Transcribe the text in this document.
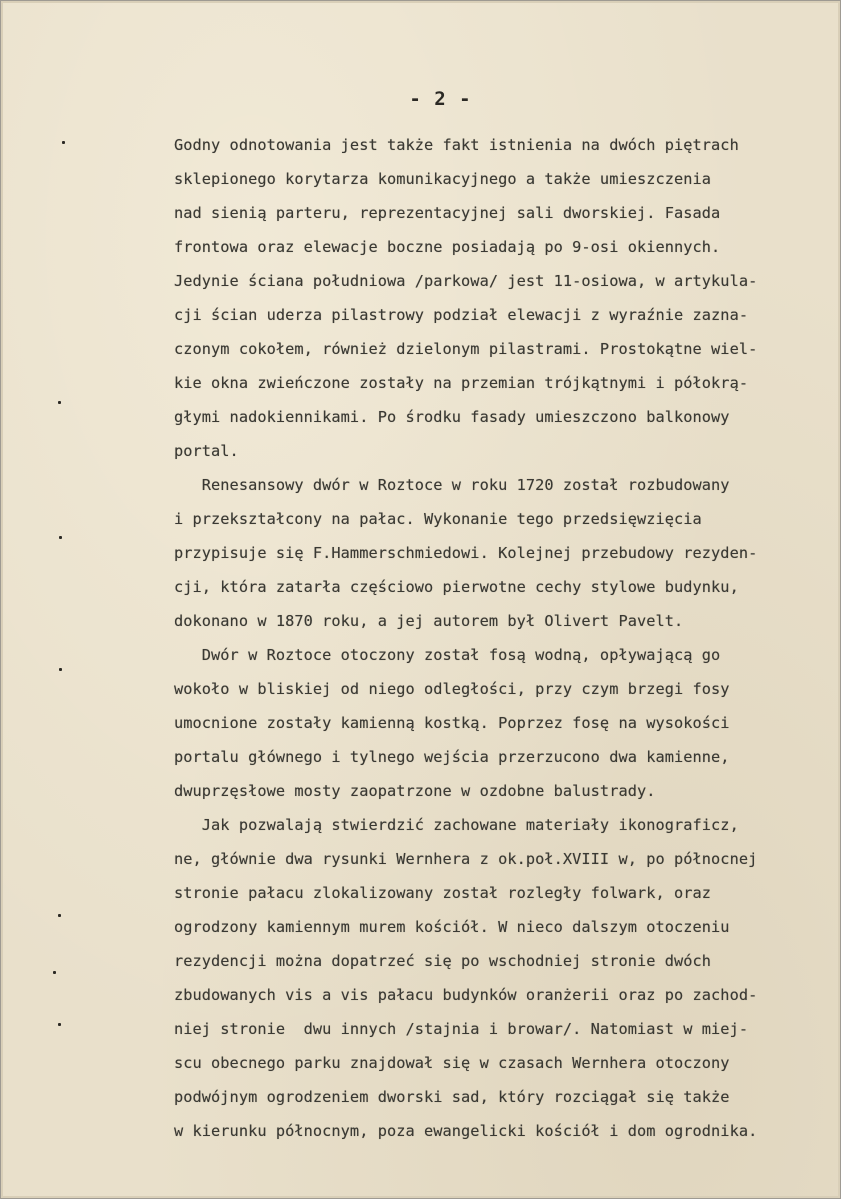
- 2 -
Godny odnotowania jest także fakt istnienia na dwóch piętrach
sklepionego korytarza komunikacyjnego a także umieszczenia
nad sienią parteru, reprezentacyjnej sali dworskiej. Fasada
frontowa oraz elewacje boczne posiadają po 9-osi okiennych.
Jedynie ściana południowa /parkowa/ jest 11-osiowa, w artykula-
cji ścian uderza pilastrowy podział elewacji z wyraźnie zazna-
czonym cokołem, również dzielonym pilastrami. Prostokątne wiel-
kie okna zwieńczone zostały na przemian trójkątnymi i półokrą-
głymi nadokiennikami. Po środku fasady umieszczono balkonowy
portal.
Renesansowy dwór w Roztoce w roku 1720 został rozbudowany
i przekształcony na pałac. Wykonanie tego przedsięwzięcia
przypisuje się F.Hammerschmiedowi. Kolejnej przebudowy rezyden-
cji, która zatarła częściowo pierwotne cechy stylowe budynku,
dokonano w 1870 roku, a jej autorem był Olivert Pavelt.
Dwór w Roztoce otoczony został fosą wodną, opływającą go
wokoło w bliskiej od niego odległości, przy czym brzegi fosy
umocnione zostały kamienną kostką. Poprzez fosę na wysokości
portalu głównego i tylnego wejścia przerzucono dwa kamienne,
dwuprzęsłowe mosty zaopatrzone w ozdobne balustrady.
Jak pozwalają stwierdzić zachowane materiały ikonograficz,
ne, głównie dwa rysunki Wernhera z ok.poł.XVIII w, po północnej
stronie pałacu zlokalizowany został rozległy folwark, oraz
ogrodzony kamiennym murem kościół. W nieco dalszym otoczeniu
rezydencji można dopatrzeć się po wschodniej stronie dwóch
zbudowanych vis a vis pałacu budynków oranżerii oraz po zachod-
niej stronie  dwu innych /stajnia i browar/. Natomiast w miej-
scu obecnego parku znajdował się w czasach Wernhera otoczony
podwójnym ogrodzeniem dworski sad, który rozciągał się także
w kierunku północnym, poza ewangelicki kościół i dom ogrodnika.
